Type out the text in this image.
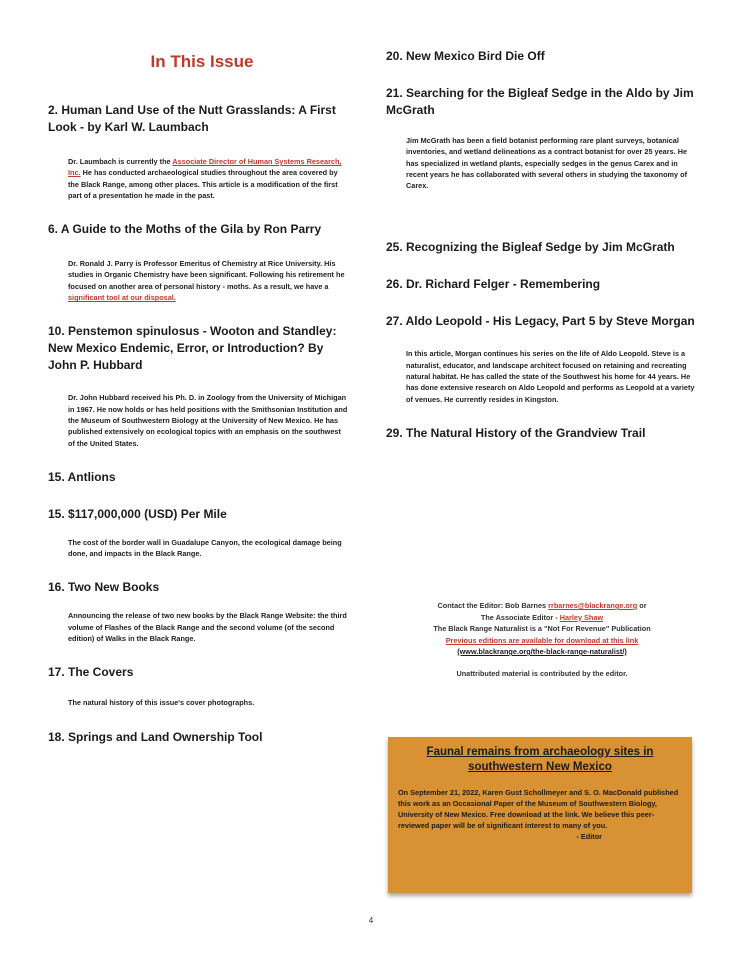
In This Issue

2. Human Land Use of the Nutt Grasslands: A First Look - by Karl W. Laumbach

Dr. Laumbach is currently the Associate Director of Human Systems Research, Inc. He has conducted archaeological studies throughout the area covered by the Black Range, among other places. This article is a modification of the first part of a presentation he made in the past.

6. A Guide to the Moths of the Gila by Ron Parry

Dr. Ronald J. Parry is Professor Emeritus of Chemistry at Rice University. His studies in Organic Chemistry have been significant. Following his retirement he focused on another area of personal history - moths. As a result, we have a significant tool at our disposal.

10. Penstemon spinulosus - Wooton and Standley: New Mexico Endemic, Error, or Introduction? By John P. Hubbard

Dr. John Hubbard received his Ph. D. in Zoology from the University of Michigan in 1967. He now holds or has held positions with the Smithsonian Institution and the Museum of Southwestern Biology at the University of New Mexico. He has published extensively on ecological topics with an emphasis on the southwest of the United States.

15. Antlions

15. $117,000,000 (USD) Per Mile

The cost of the border wall in Guadalupe Canyon, the ecological damage being done, and impacts in the Black Range.

16. Two New Books

Announcing the release of two new books by the Black Range Website: the third volume of Flashes of the Black Range and the second volume (of the second edition) of Walks in the Black Range.

17. The Covers

The natural history of this issue's cover photographs.

18. Springs and Land Ownership Tool

20. New Mexico Bird Die Off

21. Searching for the Bigleaf Sedge in the Aldo by Jim McGrath

Jim McGrath has been a field botanist performing rare plant surveys, botanical inventories, and wetland delineations as a contract botanist for over 25 years. He has specialized in wetland plants, especially sedges in the genus Carex and in recent years he has collaborated with several others in studying the taxonomy of Carex.

25. Recognizing the Bigleaf Sedge by Jim McGrath

26. Dr. Richard Felger - Remembering

27. Aldo Leopold - His Legacy, Part 5 by Steve Morgan

In this article, Morgan continues his series on the life of Aldo Leopold. Steve is a naturalist, educator, and landscape architect focused on retaining and recreating natural habitat. He has called the state of the Southwest his home for 44 years. He has done extensive research on Aldo Leopold and performs as Leopold at a variety of venues. He currently resides in Kingston.

29. The Natural History of the Grandview Trail

Contact the Editor: Bob Barnes rrbarnes@blackrange.org or
The Associate Editor - Harley Shaw
The Black Range Naturalist is a "Not For Revenue" Publication
Previous editions are available for download at this link
(www.blackrange.org/the-black-range-naturalist/)
Unattributed material is contributed by the editor.
Faunal remains from archaeology sites in southwestern New Mexico
On September 21, 2022, Karen Gust Schollmeyer and S. O. MacDonald published this work as an Occasional Paper of the Museum of Southwestern Biology, University of New Mexico. Free download at the link. We believe this peer-reviewed paper will be of significant interest to many of you.
- Editor
4
